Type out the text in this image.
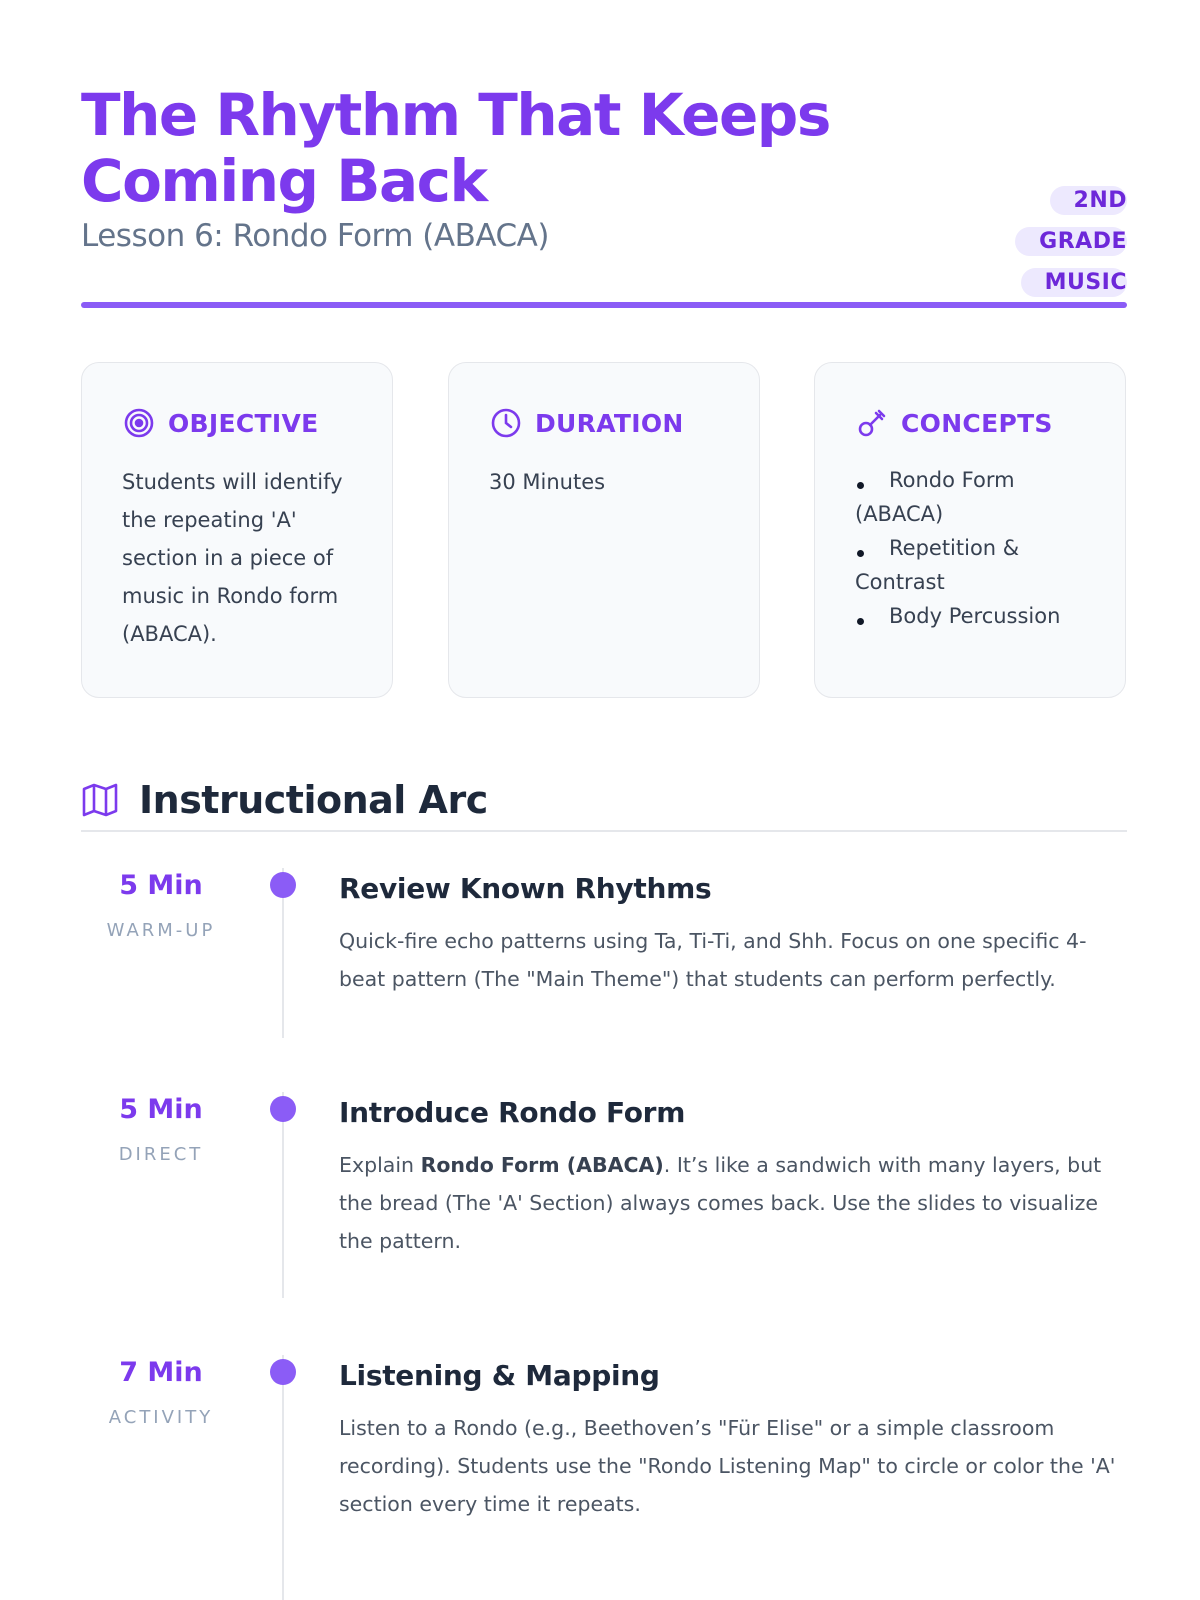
The Rhythm That Keeps Coming Back
Lesson 6: Rondo Form (ABACA)
2ND GRADE
MUSIC
OBJECTIVE
Students will identify the repeating 'A' section in a piece of music in Rondo form (ABACA).
DURATION
30 Minutes
CONCEPTS
Rondo Form (ABACA)
Repetition & Contrast
Body Percussion
Instructional Arc
5 Min
WARM-UP
Review Known Rhythms
Quick-fire echo patterns using Ta, Ti-Ti, and Shh. Focus on one specific 4-beat pattern (The "Main Theme") that students can perform perfectly.
5 Min
DIRECT
Introduce Rondo Form
Explain Rondo Form (ABACA). It’s like a sandwich with many layers, but the bread (The 'A' Section) always comes back. Use the slides to visualize the pattern.
7 Min
ACTIVITY
Listening & Mapping
Listen to a Rondo (e.g., Beethoven’s "Für Elise" or a simple classroom recording). Students use the "Rondo Listening Map" to circle or color the 'A' section every time it repeats.
